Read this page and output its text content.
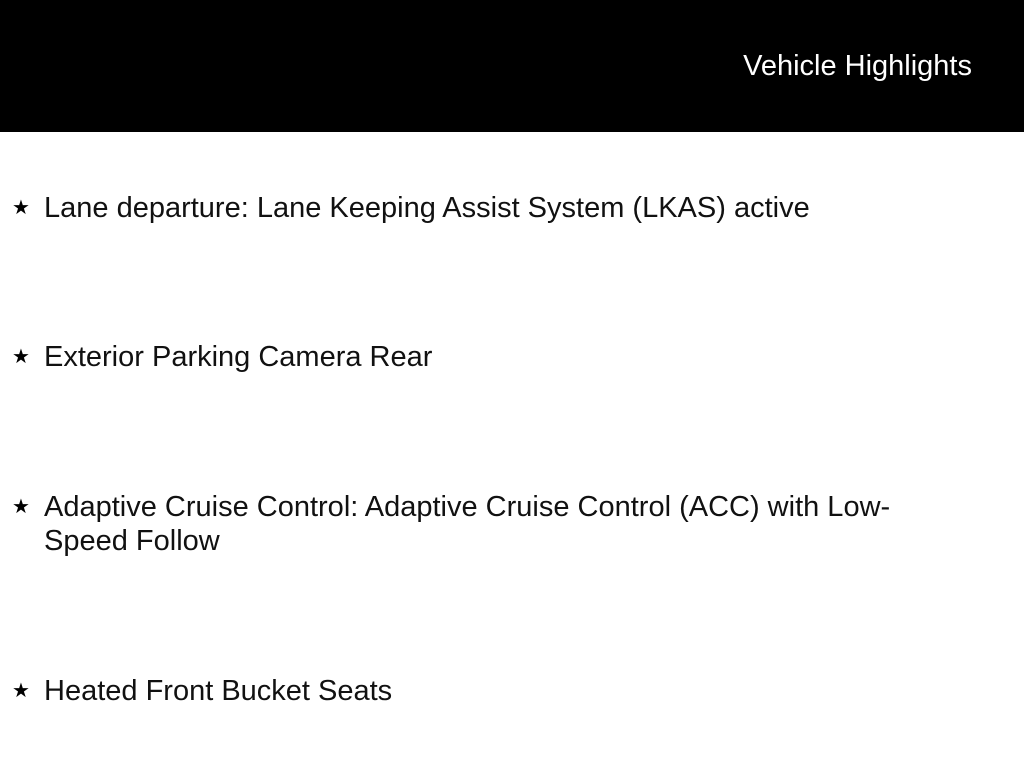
Vehicle Highlights
★ Lane departure: Lane Keeping Assist System (LKAS) active
★ Exterior Parking Camera Rear
★ Adaptive Cruise Control: Adaptive Cruise Control (ACC) with Low-Speed Follow
★ Heated Front Bucket Seats
